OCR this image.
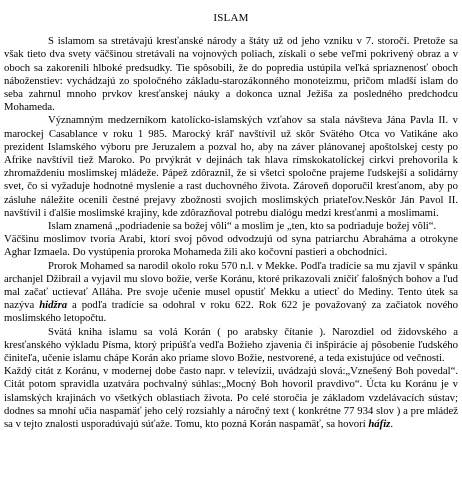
ISLAM

S islamom sa stretávajú kresťanské národy a štáty už od jeho vzniku v 7. storočí. Pretože sa však tieto dva svety väčšinou stretávali na vojnových poliach, získali o sebe veľmi pokrivený obraz a v oboch sa zakorenili hlboké predsudky. Tie spôsobili, že do popredia ustúpila veľká spriaznenosť oboch náboženstiev: vychádzajú zo spoločného základu-starozákonného monoteizmu, pričom mladší islam do seba zahrnul mnoho prvkov kresťanskej náuky a dokonca uznal Ježiša za posledného predchodcu Mohameda.

Významným medzerníkom katolícko-islamských vzťahov sa stala návšteva Jána Pavla II. v marockej Casablance v roku 1 985. Marocký kráľ navštívil už skôr Svätého Otca vo Vatikáne ako prezident Islamského výboru pre Jeruzalem a pozval ho, aby na záver plánovanej apoštolskej cesty po Afrike navštívil tiež Maroko. Po prvýkrát v dejinách tak hlava rímskokatolíckej cirkvi prehovorila k zhromaždeniu moslimskej mládeže. Pápež zdôraznil, že si všetci spoločne prajeme ľudskejší a solidárny svet, čo si vyžaduje hodnotné myslenie a rast duchovného života. Zároveň doporučil kresťanom, aby po zásluhe náležite ocenili čestné prejavy zbožnosti svojich moslimských priateľov.Neskôr Ján Pavol II. navštívil i ďalšie moslimské krajiny, kde zdôrazňoval potrebu dialógu medzi kresťanmi a moslimami.

Islam znamená „podriadenie sa božej vôli“ a moslim je „ten, kto sa podriaduje božej vôli“.

Väčšinu moslimov tvoria Arabi, ktorí svoj pôvod odvodzujú od syna patriarchu Abraháma a otrokyne Aghar Izmaela. Do vystúpenia proroka Mohameda žili ako kočovní pastieri a obchodníci.

Prorok Mohamed sa narodil okolo roku 570 n.l. v Mekke. Podľa tradície sa mu zjavil v spánku archanjel Džibrail a vyjavil mu slovo božie, verše Koránu, ktoré prikazovali zničiť falošných bohov a ľud mal začať uctievať Alláha. Pre svoje učenie musel opustiť Mekku a utiecť do Mediny. Tento útek sa nazýva hidžra a podľa tradície sa odohral v roku 622. Rok 622 je považovaný za začiatok nového moslimského letopočtu.

Svätá kniha islamu sa volá Korán ( po arabsky čítanie ). Narozdiel od židovského a kresťanského výkladu Písma, ktorý pripúšťa vedľa Božieho zjavenia či inšpirácie aj pôsobenie ľudského činiteľa, učenie islamu chápe Korán ako priame slovo Božie, nestvorené, a teda existujúce od večnosti.

Každý citát z Koránu, v modernej dobe často napr. v televízii, uvádzajú slová:„Vznešený Boh povedal“. Citát potom spravidla uzatvára pochvalný súhlas:„Mocný Boh hovoril pravdivo“. Úcta ku Koránu je v islamských krajinách vo všetkých oblastiach života. Po celé storočia je základom vzdelávacích sústav; dodnes sa mnohí učia naspamäť jeho celý rozsiahly a náročný text ( konkrétne 77 934 slov ) a pre mládež sa v tejto znalosti usporadúvajú súťaže. Tomu, kto pozná Korán naspamäť, sa hovorí háfiz.
